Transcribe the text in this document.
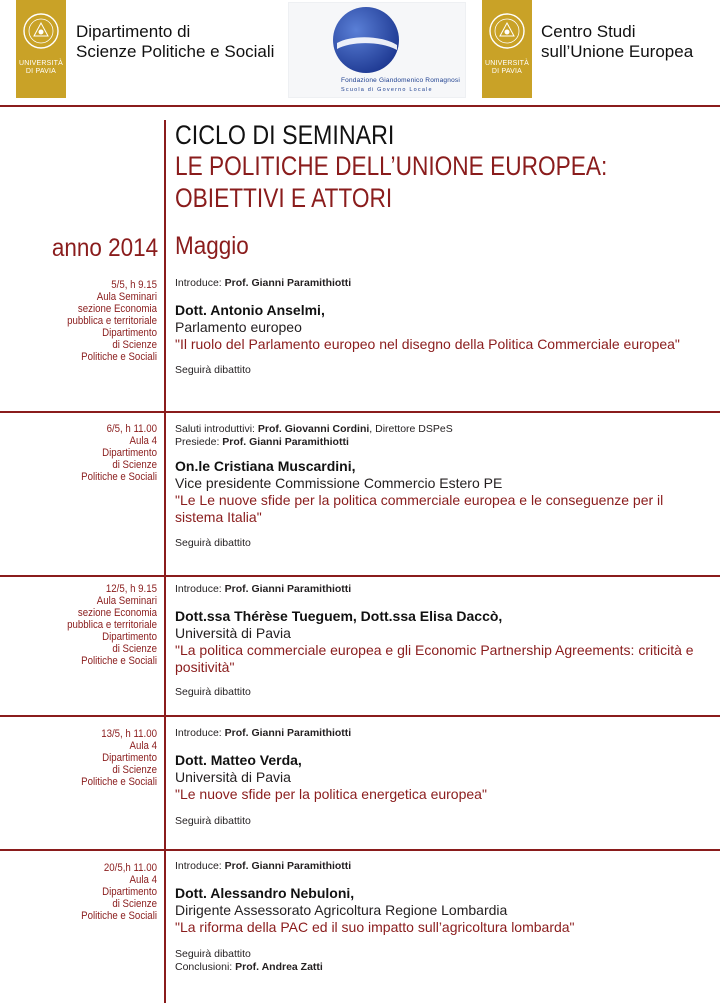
UNIVERSITÀ
DI PAVIA
Dipartimento di
Scienze Politiche e Sociali
Fondazione Giandomenico Romagnosi
Scuola di Governo Locale
UNIVERSITÀ
DI PAVIA
Centro Studi
sull’Unione Europea
CICLO DI SEMINARI
LE POLITICHE DELL’UNIONE EUROPEA:
OBIETTIVI E ATTORI
anno 2014 Maggio
5/5, h 9.15
Aula Seminari
sezione Economia
pubblica e territoriale
Dipartimento
di Scienze
Politiche e Sociali
Introduce: Prof. Gianni Paramithiotti
Dott. Antonio Anselmi,
Parlamento europeo
"Il ruolo del Parlamento europeo nel disegno della Politica Commerciale europea"
Seguirà dibattito
6/5, h 11.00
Aula 4
Dipartimento
di Scienze
Politiche e Sociali
Saluti introduttivi: Prof. Giovanni Cordini, Direttore DSPeS
Presiede: Prof. Gianni Paramithiotti
On.le Cristiana Muscardini,
Vice presidente Commissione Commercio Estero PE
"Le Le nuove sfide per la politica commerciale europea e le conseguenze per il sistema Italia"
Seguirà dibattito
12/5, h 9.15
Aula Seminari
sezione Economia
pubblica e territoriale
Dipartimento
di Scienze
Politiche e Sociali
Introduce: Prof. Gianni Paramithiotti
Dott.ssa Thérèse Tueguem, Dott.ssa Elisa Daccò,
Università di Pavia
"La politica commerciale europea e gli Economic Partnership Agreements: criticità e positività"
Seguirà dibattito
13/5, h 11.00
Aula 4
Dipartimento
di Scienze
Politiche e Sociali
Introduce: Prof. Gianni Paramithiotti
Dott. Matteo Verda,
Università di Pavia
"Le nuove sfide per la politica energetica europea"
Seguirà dibattito
20/5,h 11.00
Aula 4
Dipartimento
di Scienze
Politiche e Sociali
Introduce: Prof. Gianni Paramithiotti
Dott. Alessandro Nebuloni,
Dirigente Assessorato Agricoltura Regione Lombardia
"La riforma della PAC ed il suo impatto sull’agricoltura lombarda"
Seguirà dibattito
Conclusioni: Prof. Andrea Zatti
